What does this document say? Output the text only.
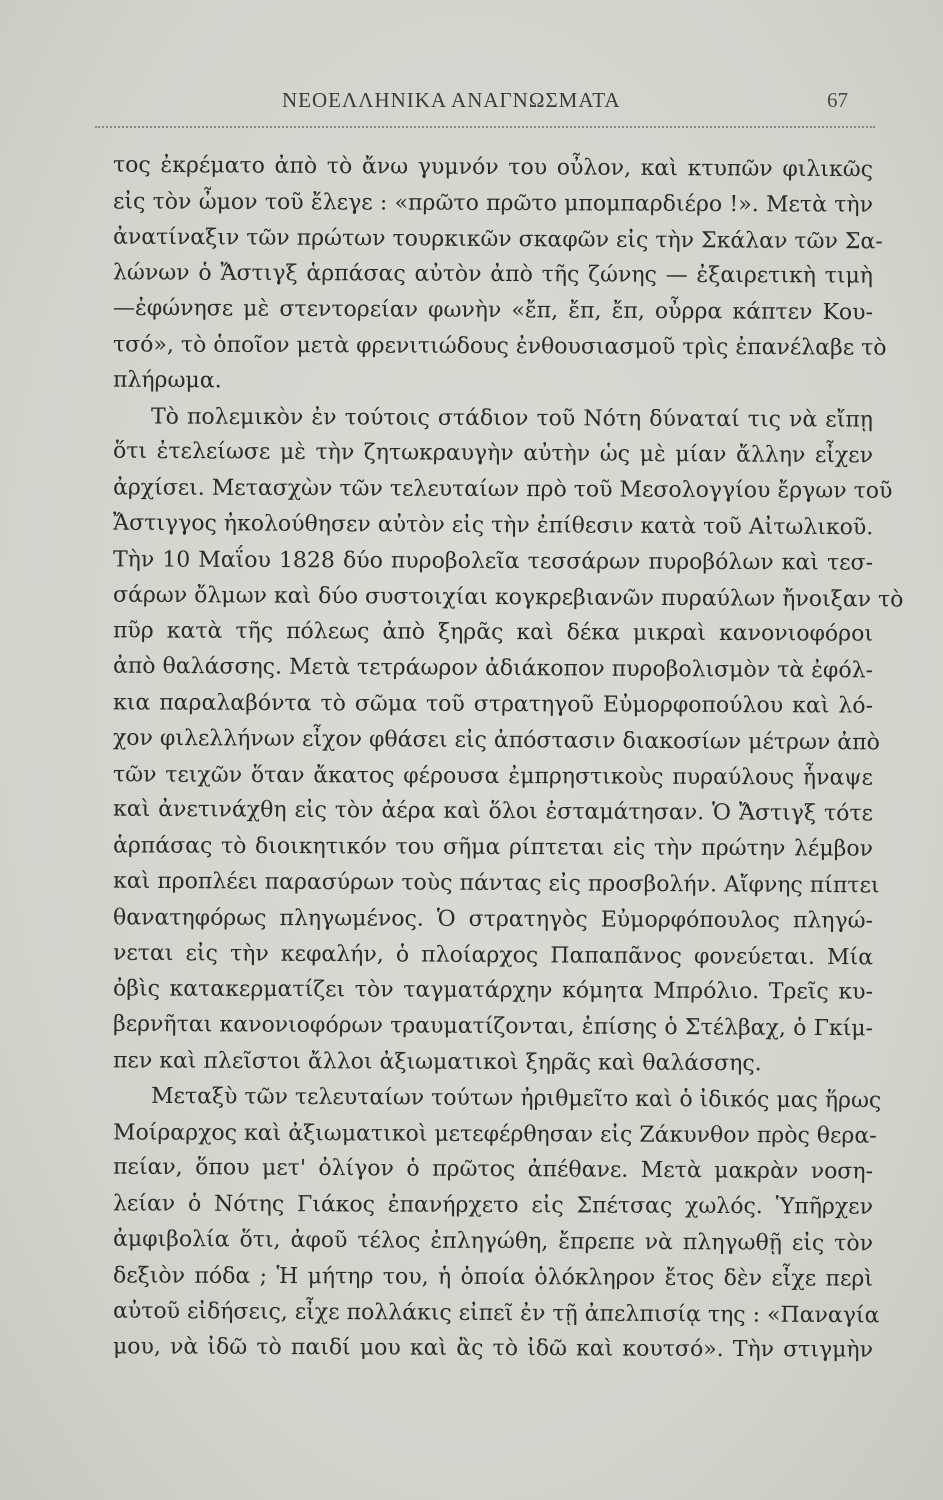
ΝΕΟΕΛΛΗΝΙΚΑ ΑΝΑΓΝΩΣΜΑΤΑ	67
τος ἐκρέματο ἀπὸ τὸ ἄνω γυμνόν του οὖλον, καὶ κτυπῶν φιλικῶς
εἰς τὸν ὦμον τοῦ ἔλεγε : «πρῶτο πρῶτο μπομπαρδιέρο !». Μετὰ τὴν
ἀνατίναξιν τῶν πρώτων τουρκικῶν σκαφῶν εἰς τὴν Σκάλαν τῶν Σα-
λώνων ὁ Ἄστιγξ ἁρπάσας αὐτὸν ἀπὸ τῆς ζώνης — ἐξαιρετικὴ τιμὴ
—ἐφώνησε μὲ στεντορείαν φωνὴν «ἔπ, ἔπ, ἔπ, οὖρρα κάπτεν Κου-
τσό», τὸ ὁποῖον μετὰ φρενιτιώδους ἐνθουσιασμοῦ τρὶς ἐπανέλαβε τὸ
πλήρωμα.
Τὸ πολεμικὸν ἐν τούτοις στάδιον τοῦ Νότη δύναταί τις νὰ εἴπῃ
ὅτι ἐτελείωσε μὲ τὴν ζητωκραυγὴν αὐτὴν ὡς μὲ μίαν ἄλλην εἶχεν
ἀρχίσει. Μετασχὼν τῶν τελευταίων πρὸ τοῦ Μεσολογγίου ἔργων τοῦ
Ἄστιγγος ἠκολούθησεν αὐτὸν εἰς τὴν ἐπίθεσιν κατὰ τοῦ Αἰτωλικοῦ.
Τὴν 10 Μαΐου 1828 δύο πυροβολεῖα τεσσάρων πυροβόλων καὶ τεσ-
σάρων ὄλμων καὶ δύο συστοιχίαι κογκρεβιανῶν πυραύλων ἤνοιξαν τὸ
πῦρ κατὰ τῆς πόλεως ἀπὸ ξηρᾶς καὶ δέκα μικραὶ κανονιοφόροι
ἀπὸ θαλάσσης. Μετὰ τετράωρον ἀδιάκοπον πυροβολισμὸν τὰ ἐφόλ-
κια παραλαβόντα τὸ σῶμα τοῦ στρατηγοῦ Εὐμορφοπούλου καὶ λό-
χον φιλελλήνων εἶχον φθάσει εἰς ἀπόστασιν διακοσίων μέτρων ἀπὸ
τῶν τειχῶν ὅταν ἄκατος φέρουσα ἐμπρηστικοὺς πυραύλους ἧναψε
καὶ ἀνετινάχθη εἰς τὸν ἀέρα καὶ ὅλοι ἐσταμάτησαν. Ὁ Ἄστιγξ τότε
ἁρπάσας τὸ διοικητικόν του σῆμα ρίπτεται εἰς τὴν πρώτην λέμβον
καὶ προπλέει παρασύρων τοὺς πάντας εἰς προσβολήν. Αἴφνης πίπτει
θανατηφόρως πληγωμένος. Ὁ στρατηγὸς Εὐμορφόπουλος πληγώ-
νεται εἰς τὴν κεφαλήν, ὁ πλοίαρχος Παπαπᾶνος φονεύεται. Μία
ὀβὶς κατακερματίζει τὸν ταγματάρχην κόμητα Μπρόλιο. Τρεῖς κυ-
βερνῆται κανονιοφόρων τραυματίζονται, ἐπίσης ὁ Στέλβαχ, ὁ Γκίμ-
πεν καὶ πλεῖστοι ἄλλοι ἀξιωματικοὶ ξηρᾶς καὶ θαλάσσης.
Μεταξὺ τῶν τελευταίων τούτων ἠριθμεῖτο καὶ ὁ ἰδικός μας ἥρως
Μοίραρχος καὶ ἀξιωματικοὶ μετεφέρθησαν εἰς Ζάκυνθον πρὸς θερα-
πείαν, ὅπου μετ' ὀλίγον ὁ πρῶτος ἀπέθανε. Μετὰ μακρὰν νοση-
λείαν ὁ Νότης Γιάκος ἐπανήρχετο εἰς Σπέτσας χωλός. Ὑπῆρχεν
ἀμφιβολία ὅτι, ἀφοῦ τέλος ἐπληγώθη, ἔπρεπε νὰ πληγωθῇ εἰς τὸν
δεξιὸν πόδα ; Ἡ μήτηρ του, ἡ ὁποία ὁλόκληρον ἔτος δὲν εἶχε περὶ
αὐτοῦ εἰδήσεις, εἶχε πολλάκις εἰπεῖ ἐν τῇ ἀπελπισίᾳ της : «Παναγία
μου, νὰ ἰδῶ τὸ παιδί μου καὶ ἂς τὸ ἰδῶ καὶ κουτσό». Τὴν στιγμὴν
